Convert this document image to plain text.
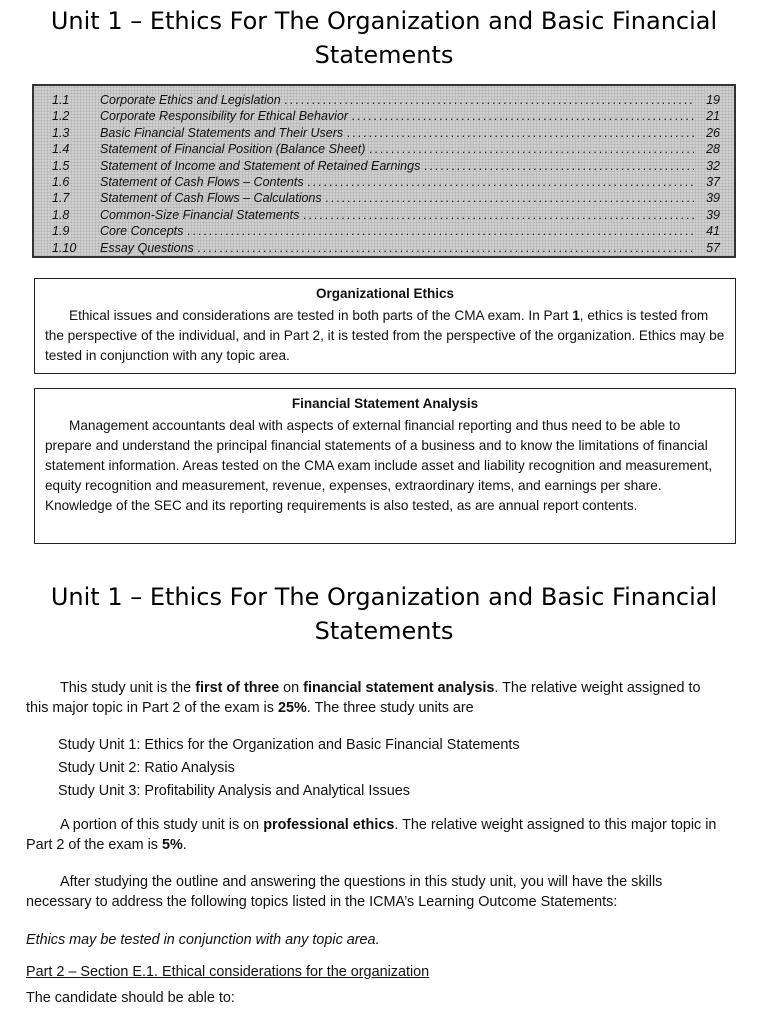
Unit 1 – Ethics For The Organization and Basic Financial
Statements
1.1	Corporate Ethics and Legislation .....	19
1.2	Corporate Responsibility for Ethical Behavior .....	21
1.3	Basic Financial Statements and Their Users .....	26
1.4	Statement of Financial Position (Balance Sheet) .....	28
1.5	Statement of Income and Statement of Retained Earnings .....	32
1.6	Statement of Cash Flows – Contents .....	37
1.7	Statement of Cash Flows – Calculations .....	39
1.8	Common-Size Financial Statements .....	39
1.9	Core Concepts .....	41
1.10	Essay Questions .....	57
Organizational Ethics

Ethical issues and considerations are tested in both parts of the CMA exam. In Part 1, ethics is tested from the perspective of the individual, and in Part 2, it is tested from the perspective of the organization. Ethics may be tested in conjunction with any topic area.

Financial Statement Analysis

Management accountants deal with aspects of external financial reporting and thus need to be able to prepare and understand the principal financial statements of a business and to know the limitations of financial statement information. Areas tested on the CMA exam include asset and liability recognition and measurement, equity recognition and measurement, revenue, expenses, extraordinary items, and earnings per share. Knowledge of the SEC and its reporting requirements is also tested, as are annual report contents.

Unit 1 – Ethics For The Organization and Basic Financial
Statements

This study unit is the first of three on financial statement analysis. The relative weight assigned to this major topic in Part 2 of the exam is 25%. The three study units are

Study Unit 1: Ethics for the Organization and Basic Financial Statements
Study Unit 2: Ratio Analysis
Study Unit 3: Profitability Analysis and Analytical Issues

A portion of this study unit is on professional ethics. The relative weight assigned to this major topic in Part 2 of the exam is 5%.

After studying the outline and answering the questions in this study unit, you will have the skills necessary to address the following topics listed in the ICMA’s Learning Outcome Statements:

Ethics may be tested in conjunction with any topic area.
Part 2 – Section E.1. Ethical considerations for the organization
The candidate should be able to:
